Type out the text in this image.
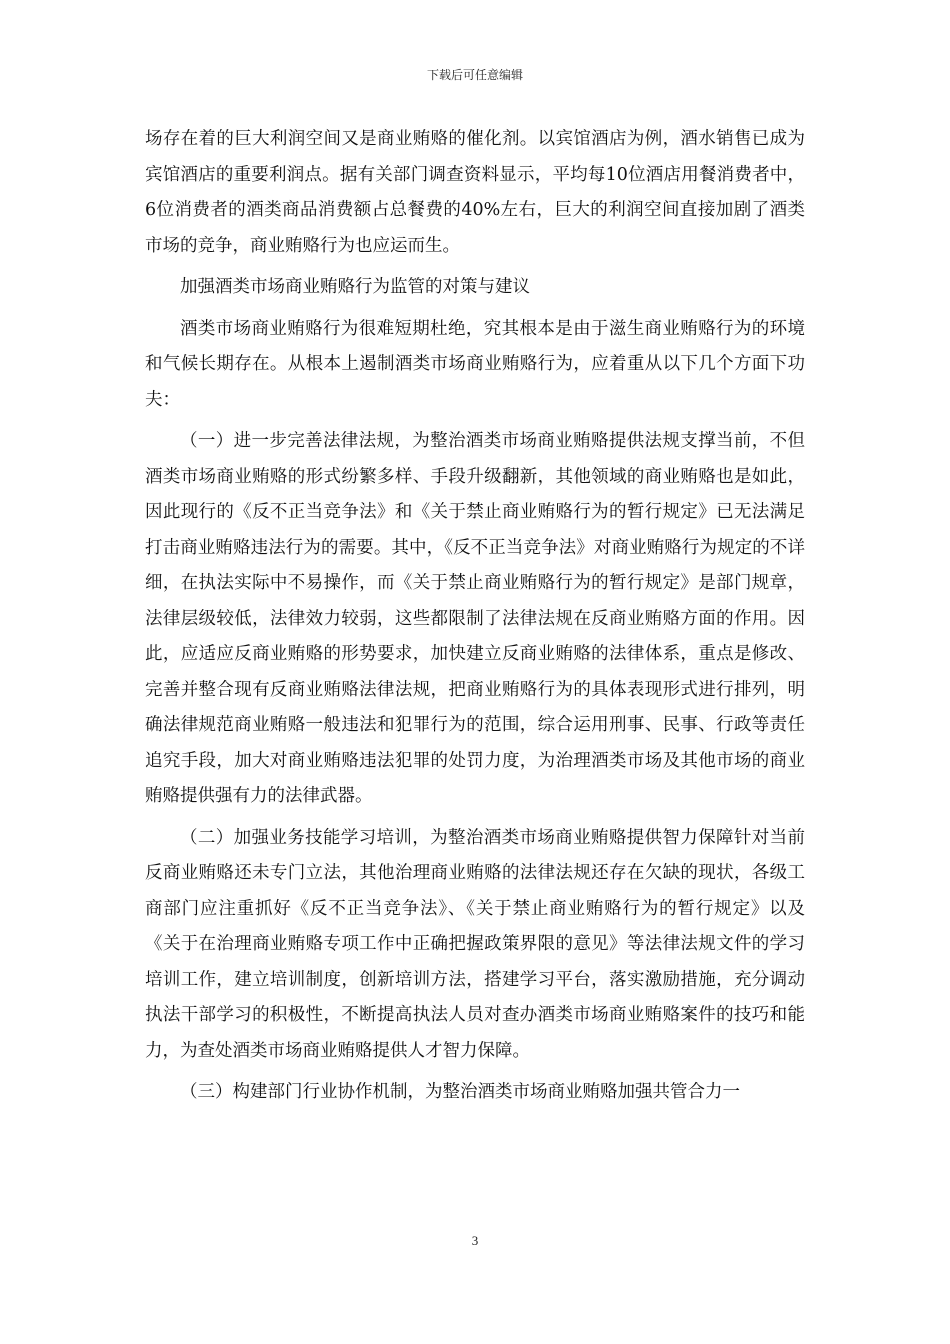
下载后可任意编辑

场存在着的巨大利润空间又是商业贿赂的催化剂。以宾馆酒店为例，酒水销售已成为宾馆酒店的重要利润点。据有关部门调查资料显示，平均每10位酒店用餐消费者中，6位消费者的酒类商品消费额占总餐费的40%左右，巨大的利润空间直接加剧了酒类市场的竞争，商业贿赂行为也应运而生。

加强酒类市场商业贿赂行为监管的对策与建议

酒类市场商业贿赂行为很难短期杜绝，究其根本是由于滋生商业贿赂行为的环境和气候长期存在。从根本上遏制酒类市场商业贿赂行为，应着重从以下几个方面下功夫：

（一）进一步完善法律法规，为整治酒类市场商业贿赂提供法规支撑当前，不但酒类市场商业贿赂的形式纷繁多样、手段升级翻新，其他领域的商业贿赂也是如此，因此现行的《反不正当竞争法》和《关于禁止商业贿赂行为的暂行规定》已无法满足打击商业贿赂违法行为的需要。其中，《反不正当竞争法》对商业贿赂行为规定的不详细，在执法实际中不易操作，而《关于禁止商业贿赂行为的暂行规定》是部门规章，法律层级较低，法律效力较弱，这些都限制了法律法规在反商业贿赂方面的作用。因此，应适应反商业贿赂的形势要求，加快建立反商业贿赂的法律体系，重点是修改、完善并整合现有反商业贿赂法律法规，把商业贿赂行为的具体表现形式进行排列，明确法律规范商业贿赂一般违法和犯罪行为的范围，综合运用刑事、民事、行政等责任追究手段，加大对商业贿赂违法犯罪的处罚力度，为治理酒类市场及其他市场的商业贿赂提供强有力的法律武器。

（二）加强业务技能学习培训，为整治酒类市场商业贿赂提供智力保障针对当前反商业贿赂还未专门立法，其他治理商业贿赂的法律法规还存在欠缺的现状，各级工商部门应注重抓好《反不正当竞争法》、《关于禁止商业贿赂行为的暂行规定》以及《关于在治理商业贿赂专项工作中正确把握政策界限的意见》等法律法规文件的学习培训工作，建立培训制度，创新培训方法，搭建学习平台，落实激励措施，充分调动执法干部学习的积极性，不断提高执法人员对查办酒类市场商业贿赂案件的技巧和能力，为查处酒类市场商业贿赂提供人才智力保障。

（三）构建部门行业协作机制，为整治酒类市场商业贿赂加强共管合力一

3
